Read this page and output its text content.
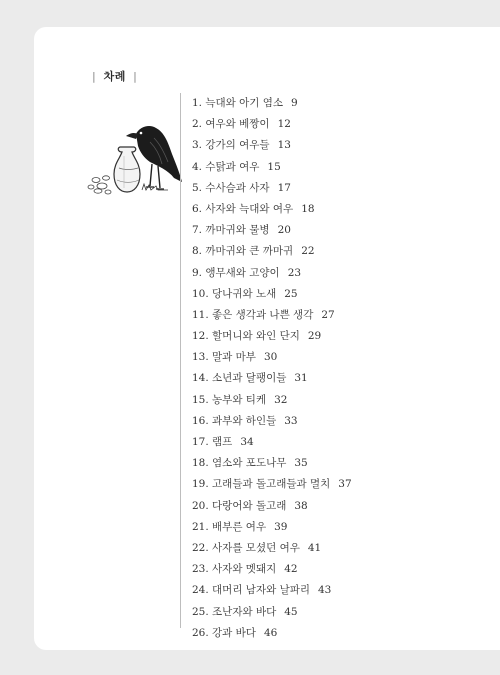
| 차례 |
1. 늑대와 아기 염소 9
2. 여우와 베짱이 12
3. 강가의 여우들 13
4. 수탉과 여우 15
5. 수사슴과 사자 17
6. 사자와 늑대와 여우 18
7. 까마귀와 물병 20
8. 까마귀와 큰 까마귀 22
9. 앵무새와 고양이 23
10. 당나귀와 노새 25
11. 좋은 생각과 나쁜 생각 27
12. 할머니와 와인 단지 29
13. 말과 마부 30
14. 소년과 달팽이들 31
15. 농부와 티케 32
16. 과부와 하인들 33
17. 램프 34
18. 염소와 포도나무 35
19. 고래들과 돌고래들과 멸치 37
20. 다랑어와 돌고래 38
21. 배부른 여우 39
22. 사자를 모셨던 여우 41
23. 사자와 멧돼지 42
24. 대머리 남자와 날파리 43
25. 조난자와 바다 45
26. 강과 바다 46
